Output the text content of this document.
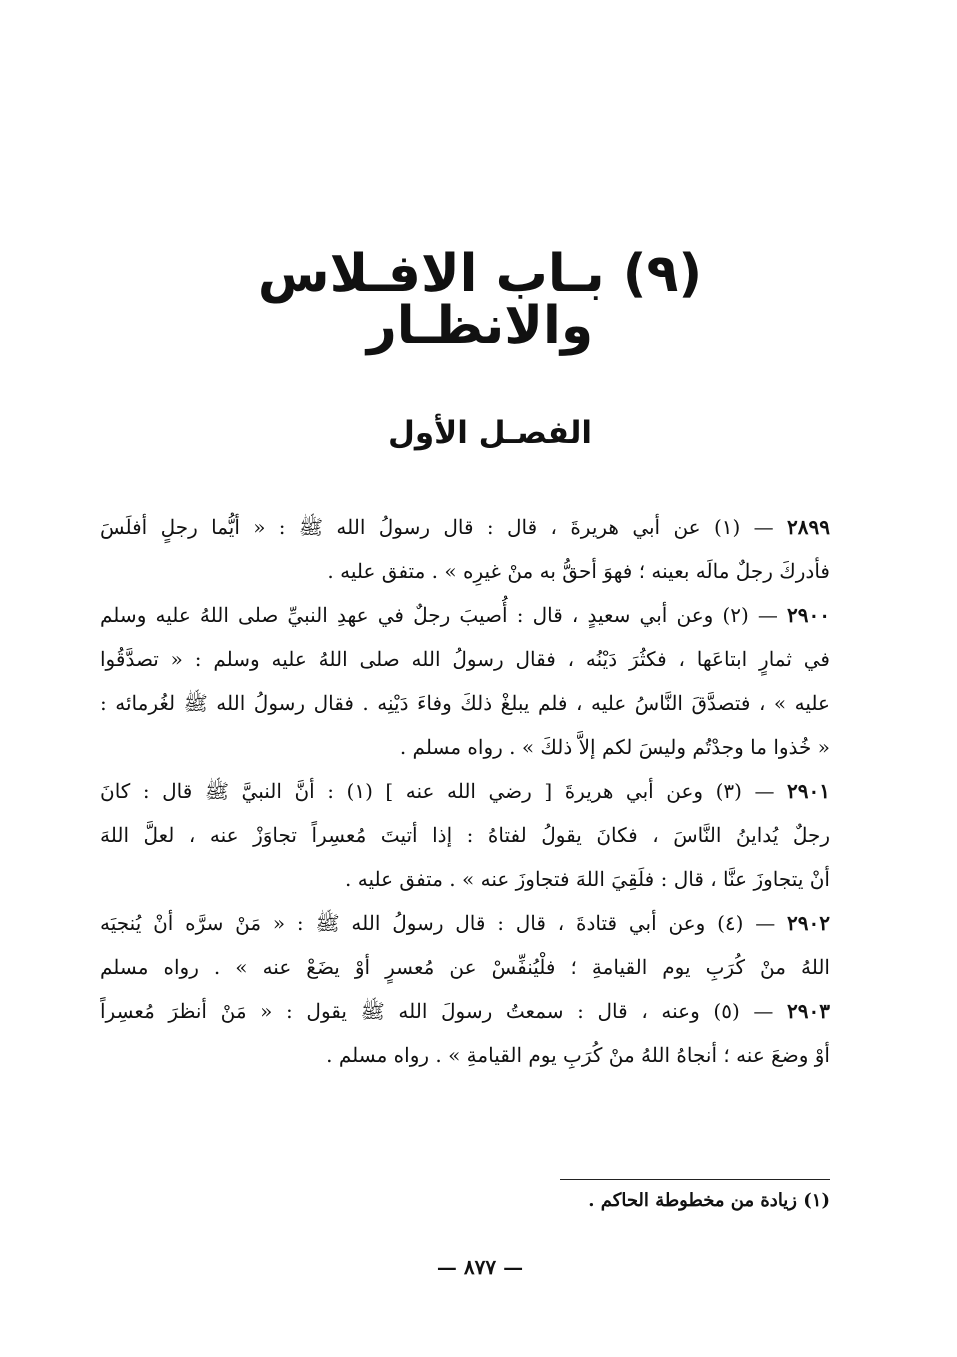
(٩) بـاب الافـلاس والانظـار
الفصـل الأول
٢٨٩٩ — (١) عن أبي هريرةَ ، قال : قال رسولُ الله ﷺ : « أيُّما رجلٍ أفلَسَ
فأدركَ رجلٌ مالَه بعينه ؛ فهوَ أحقُّ به منْ غيرِه » . متفق عليه .
٢٩٠٠ — (٢) وعن أبي سعيدٍ ، قال : أُصيبَ رجلٌ في عهدِ النبيِّ صلى اللهُ عليه وسلم
في ثمارٍ ابتاعَها ، فكثُرَ دَيْنُه ، فقال رسولُ الله صلى اللهُ عليه وسلم : « تصدَّقُوا
عليه » ، فتصدَّقَ النَّاسُ عليه ، فلم يبلغْ ذلكَ وفاءَ دَيْنِه . فقال رسولُ الله ﷺ لغُرمائه :
« خُذوا ما وجدْتُم وليسَ لكم إلاَّ ذلكَ » . رواه مسلم .
٢٩٠١ — (٣) وعن أبي هريرةَ [ رضي الله عنه ] (١) : أنَّ النبيَّ ﷺ قال : كانَ
رجلٌ يُداينُ النَّاسَ ، فكانَ يقولُ لفتاهُ : إذا أتيتَ مُعسِراً تجاوَزْ عنه ، لعلَّ اللهَ
أنْ يتجاوزَ عنَّا ، قال : فلَقِيَ اللهَ فتجاوزَ عنه » . متفق عليه .
٢٩٠٢ — (٤) وعن أبي قتادةَ ، قال : قال رسولُ الله ﷺ : « مَنْ سرَّه أنْ يُنجيَه
اللهُ منْ كُرَبِ يوم القيامةِ ؛ فلْيُنفِّسْ عن مُعسرٍ أوْ يضَعْ عنه » . رواه مسلم
٢٩٠٣ — (٥) وعنه ، قال : سمعتُ رسولَ الله ﷺ يقول : « مَنْ أنظرَ مُعسِراً
أوْ وضعَ عنه ؛ أنجاهُ اللهُ منْ كُرَبِ يوم القيامةِ » . رواه مسلم .
(١) زيادة من مخطوطة الحاكم .
— ٨٧٧ —
